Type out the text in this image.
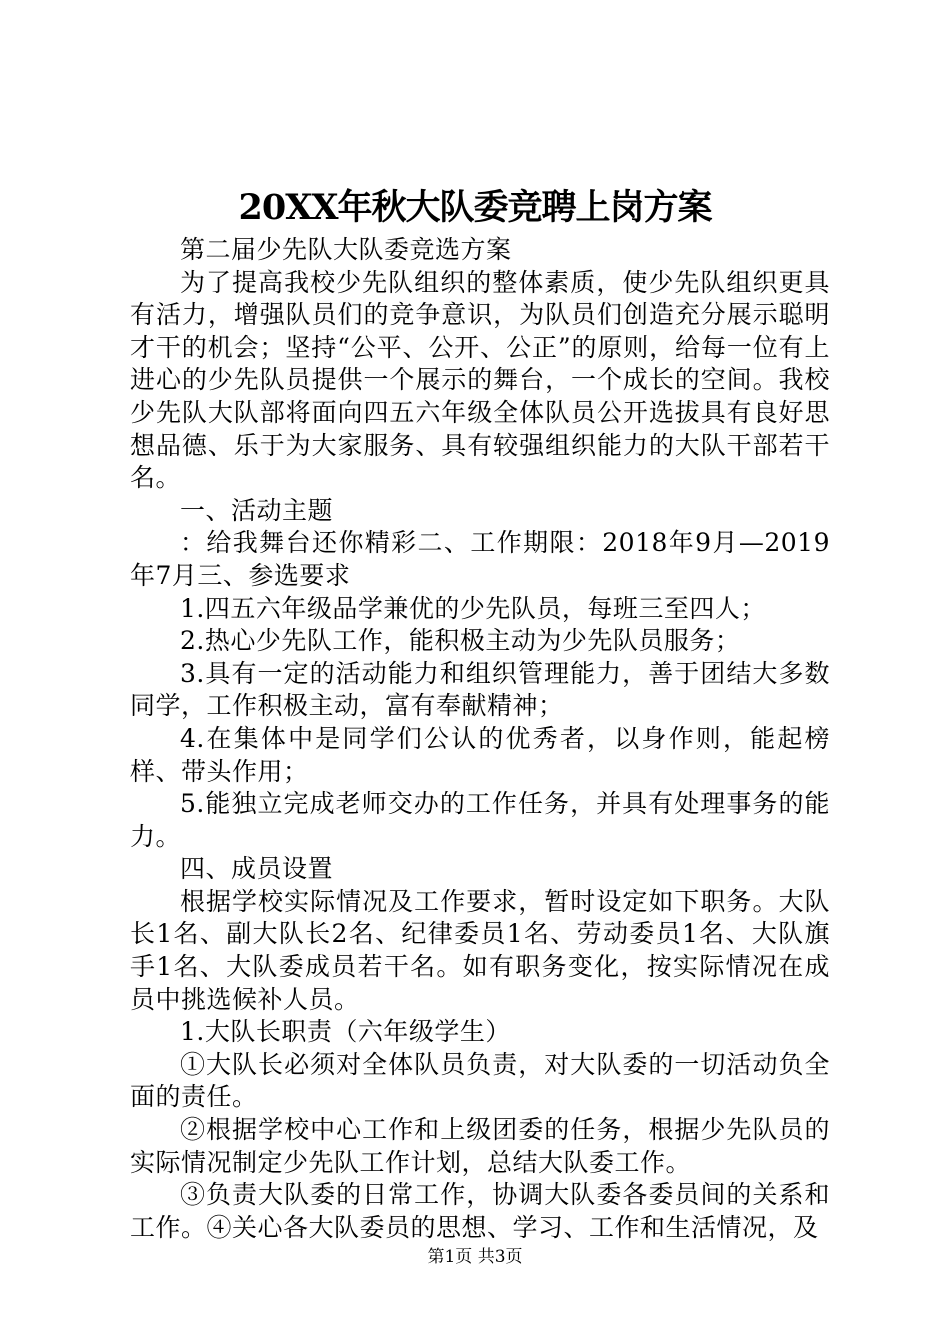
20XX年秋大队委竞聘上岗方案

第二届少先队大队委竞选方案

为了提高我校少先队组织的整体素质，使少先队组织更具有活力，增强队员们的竞争意识，为队员们创造充分展示聪明才干的机会；坚持“公平、公开、公正”的原则，给每一位有上进心的少先队员提供一个展示的舞台，一个成长的空间。我校少先队大队部将面向四五六年级全体队员公开选拔具有良好思想品德、乐于为大家服务、具有较强组织能力的大队干部若干名。

一、活动主题

：给我舞台还你精彩二、工作期限：2018年9月—2019年7月三、参选要求

1.四五六年级品学兼优的少先队员，每班三至四人；

2.热心少先队工作，能积极主动为少先队员服务；

3.具有一定的活动能力和组织管理能力，善于团结大多数同学，工作积极主动，富有奉献精神；

4.在集体中是同学们公认的优秀者，以身作则，能起榜样、带头作用；

5.能独立完成老师交办的工作任务，并具有处理事务的能力。

四、成员设置

根据学校实际情况及工作要求，暂时设定如下职务。大队长1名、副大队长2名、纪律委员1名、劳动委员1名、大队旗手1名、大队委成员若干名。如有职务变化，按实际情况在成员中挑选候补人员。

1.大队长职责（六年级学生）

①大队长必须对全体队员负责，对大队委的一切活动负全面的责任。

②根据学校中心工作和上级团委的任务，根据少先队员的实际情况制定少先队工作计划，总结大队委工作。

③负责大队委的日常工作，协调大队委各委员间的关系和工作。④关心各大队委员的思想、学习、工作和生活情况，及

第1页 共3页
